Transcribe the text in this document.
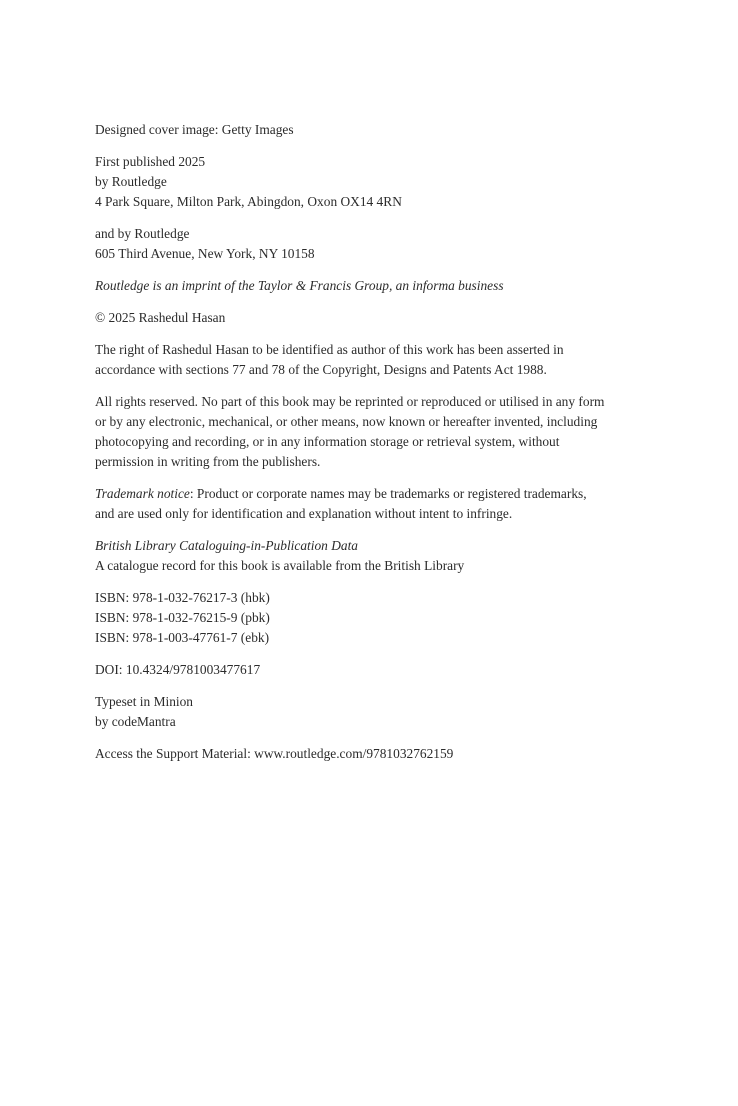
Designed cover image: Getty Images

First published 2025
by Routledge
4 Park Square, Milton Park, Abingdon, Oxon OX14 4RN

and by Routledge
605 Third Avenue, New York, NY 10158

Routledge is an imprint of the Taylor & Francis Group, an informa business

© 2025 Rashedul Hasan

The right of Rashedul Hasan to be identified as author of this work has been asserted in
accordance with sections 77 and 78 of the Copyright, Designs and Patents Act 1988.

All rights reserved. No part of this book may be reprinted or reproduced or utilised in any form
or by any electronic, mechanical, or other means, now known or hereafter invented, including
photocopying and recording, or in any information storage or retrieval system, without
permission in writing from the publishers.

Trademark notice: Product or corporate names may be trademarks or registered trademarks,
and are used only for identification and explanation without intent to infringe.

British Library Cataloguing-in-Publication Data
A catalogue record for this book is available from the British Library

ISBN: 978-1-032-76217-3 (hbk)
ISBN: 978-1-032-76215-9 (pbk)
ISBN: 978-1-003-47761-7 (ebk)

DOI: 10.4324/9781003477617

Typeset in Minion
by codeMantra

Access the Support Material: www.routledge.com/9781032762159
